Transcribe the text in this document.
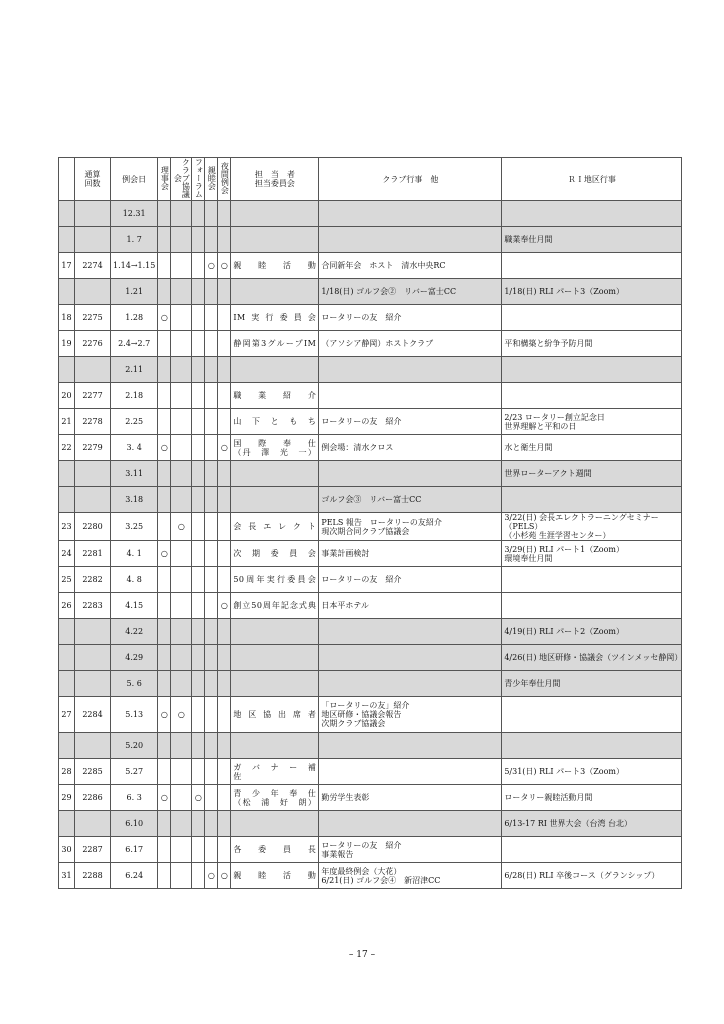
	通算
回数	例会日	理事会	クラブ協議会	フォーラム	親睦会	夜間例会	担　当　者
担当委員会	クラブ行事　他	ＲＩ地区行事
		12.31								
		1. 7								職業奉仕月間
17	2274	1.14→1.15				○	○	親　睦　活　動	合同新年会　ホスト　清水中央RC	
		1.21							1/18(日) ゴルフ会②　リバー富士CC	1/18(日) RLI パート3（Zoom）
18	2275	1.28	○					IM実行委員会	ロータリーの友　紹介	
19	2276	2.4→2.7						静岡第3グループIM	（アソシア静岡）ホストクラブ	平和構築と紛争予防月間
		2.11								
20	2277	2.18						職　業　紹　介		
21	2278	2.25						山　下　と　も　ち	ロータリーの友　紹介	2/23 ロータリー創立記念日
世界理解と平和の日
22	2279	3. 4	○				○	国　際　奉　仕
（丹　澤　光　一）	例会場：清水クロス	水と衛生月間
		3.11								世界ローターアクト週間
		3.18							ゴルフ会③　リバー富士CC	
23	2280	3.25		○				会長エレクト	PELS 報告　ロータリーの友紹介
現次期合同クラブ協議会	3/22(日) 会長エレクトラーニングセミナー（PELS）
（小杉苑 生涯学習センター）
24	2281	4. 1	○					次　期　委　員　会	事業計画検討	3/29(日) RLI パート1（Zoom）
環境奉仕月間
25	2282	4. 8						50周年実行委員会	ロータリーの友　紹介	
26	2283	4.15					○	創立50周年記念式典	日本平ホテル	
		4.22								4/19(日) RLI パート2（Zoom）
		4.29								4/26(日) 地区研修・協議会（ツインメッセ静岡）
		5. 6								青少年奉仕月間
27	2284	5.13	○	○				地区協出席者	「ロータリーの友」紹介
地区研修・協議会報告
次期クラブ協議会	
		5.20								
28	2285	5.27						ガ　バ　ナ　ー　補　佐		5/31(日) RLI パート3（Zoom）
29	2286	6. 3	○		○			青　少　年　奉　仕
（松　浦　好　朗）	勤労学生表彰	ロータリー親睦活動月間
		6.10								6/13-17 RI 世界大会（台湾 台北）
30	2287	6.17						各　委　員　長	ロータリーの友　紹介
事業報告	
31	2288	6.24				○	○	親　睦　活　動	年度最終例会（大花）
6/21(日) ゴルフ会④　新沼津CC	6/28(日) RLI 卒後コース（グランシップ）
– 17 –
